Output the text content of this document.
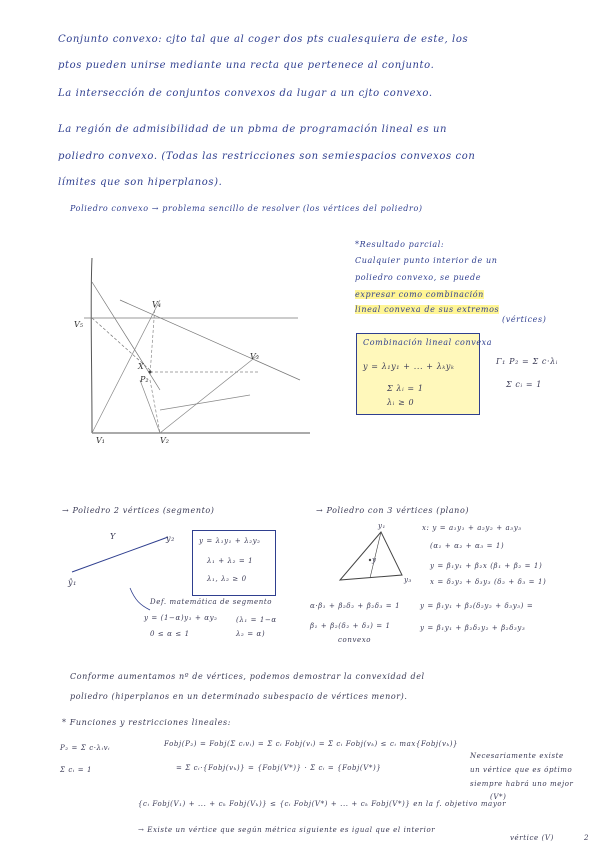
Conjunto convexo: cjto tal que al coger dos pts cualesquiera de este, los
ptos pueden unirse mediante una recta que pertenece al conjunto.
La intersección de conjuntos convexos da lugar a un cjto convexo.
La región de admisibilidad de un pbma de programación lineal es un
poliedro convexo. (Todas las restricciones son semiespacios convexos con
límites que son hiperplanos).
Poliedro convexo → problema sencillo de resolver (los vértices del poliedro)
V₁	V₂
V₃
V₄
V₅
X
P₂
*Resultado parcial:
Cualquier punto interior de un
poliedro convexo, se puede
expresar como combinación
lineal convexa de sus extremos
(vértices)
Combinación lineal convexa
y = λ₁y₁ + ... + λₖyₖ
Σ λᵢ = 1
λᵢ ≥ 0
Γ₁ P₂ = Σ c·λᵢ
Σ cᵢ = 1
→ Poliedro 2 vértices (segmento)
Y	y₂
ŷ₁
y = λ₁y₁ + λ₂y₂
λ₁ + λ₂ = 1
λ₁, λ₂ ≥ 0
Def. matemática de segmento
y = (1−α)y₁ + αy₂
0 ≤ α ≤ 1
(λ₁ = 1−α
λ₂ = α)
→ Poliedro con 3 vértices (plano)
y₁
y
y₃
x: y = a₁y₁ + a₂y₂ + a₃y₃
(α₁ + α₂ + α₃ = 1)
y = β₁y₁ + β₂x (β₁ + β₂ = 1)
x = δ₂y₂ + δ₃y₃ (δ₂ + δ₃ = 1)
α·β₁ + β₂δ₂ + β₂δ₃ = 1	y = β₁y₁ + β₂(δ₂y₂ + δ₃y₃) =
β₁ + β₂(δ₂ + δ₃) = 1	y = β₁y₁ + β₂δ₂y₂ + β₂δ₃y₃
convexo
Conforme aumentamos nº de vértices, podemos demostrar la convexidad del
poliedro (hiperplanos en un determinado subespacio de vértices menor).
* Funciones y restricciones lineales:
P₂ = Σ c·λᵢvᵢ
Σ cᵢ = 1
Fobj(P₂) = Fobj(Σ cᵢvᵢ) = Σ cᵢ Fobj(vᵢ) = Σ cᵢ Fobj(vₖ) ≤ cᵢ max{Fobj(vₖ)}
= Σ cᵢ·{Fobj(vₖ)} = {Fobj(V*)} · Σ cᵢ = {Fobj(V*)}
{cᵢ Fobj(V₁) + ... + cₖ Fobj(Vₖ)} ≤ {cᵢ Fobj(V*) + ... + cₖ Fobj(V*)} en la f. objetivo mayor
→ Existe un vértice que según métrica siguiente es igual que el interior
Necesariamente existe
un vértice que es óptimo
siempre habrá uno mejor
(V*)
vértice (V)	2
